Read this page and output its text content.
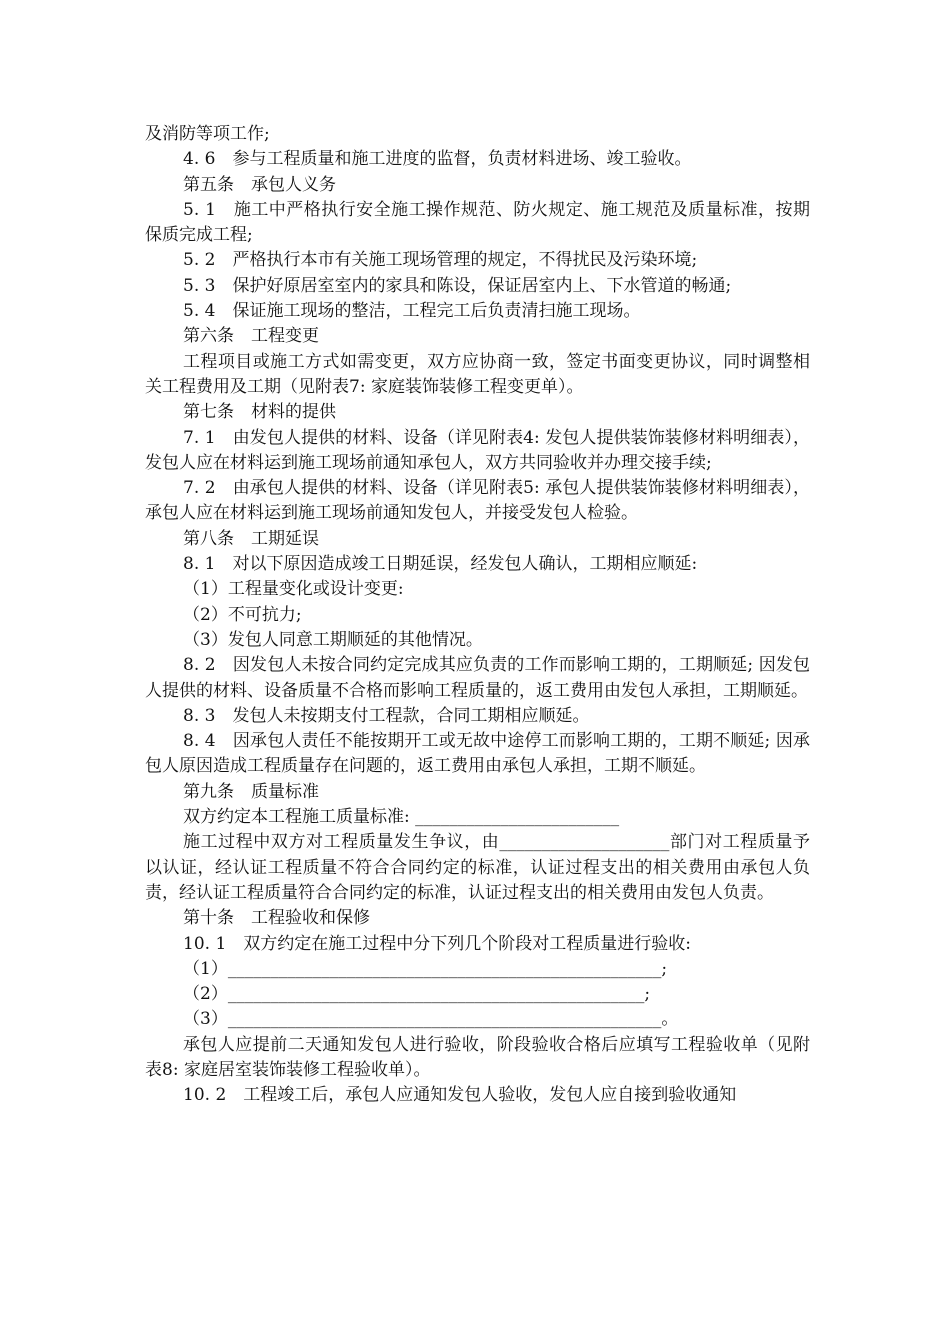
及消防等项工作;

4. 6　参与工程质量和施工进度的监督，负责材料进场、竣工验收。

第五条　承包人义务

5. 1　施工中严格执行安全施工操作规范、防火规定、施工规范及质量标准，按期保质完成工程;

5. 2　严格执行本市有关施工现场管理的规定，不得扰民及污染环境;

5. 3　保护好原居室室内的家具和陈设，保证居室内上、下水管道的畅通;

5. 4　保证施工现场的整洁，工程完工后负责清扫施工现场。

第六条　工程变更

工程项目或施工方式如需变更，双方应协商一致，签定书面变更协议，同时调整相关工程费用及工期（见附表7: 家庭装饰装修工程变更单）。

第七条　材料的提供

7. 1　由发包人提供的材料、设备（详见附表4: 发包人提供装饰装修材料明细表），发包人应在材料运到施工现场前通知承包人，双方共同验收并办理交接手续;

7. 2　由承包人提供的材料、设备（详见附表5: 承包人提供装饰装修材料明细表），承包人应在材料运到施工现场前通知发包人，并接受发包人检验。

第八条　工期延误

8. 1　对以下原因造成竣工日期延误，经发包人确认，工期相应顺延:

（1）工程量变化或设计变更:

（2）不可抗力;

（3）发包人同意工期顺延的其他情况。

8. 2　因发包人未按合同约定完成其应负责的工作而影响工期的，工期顺延; 因发包人提供的材料、设备质量不合格而影响工程质量的，返工费用由发包人承担，工期顺延。

8. 3　发包人未按期支付工程款，合同工期相应顺延。

8. 4　因承包人责任不能按期开工或无故中途停工而影响工期的，工期不顺延; 因承包人原因造成工程质量存在问题的，返工费用由承包人承担，工期不顺延。

第九条　质量标准

双方约定本工程施工质量标准: ________________________

施工过程中双方对工程质量发生争议，由____________________部门对工程质量予以认证，经认证工程质量不符合合同约定的标准，认证过程支出的相关费用由承包人负责，经认证工程质量符合合同约定的标准，认证过程支出的相关费用由发包人负责。

第十条　工程验收和保修

10. 1　双方约定在施工过程中分下列几个阶段对工程质量进行验收:

（1）___________________________________________________;

（2）_________________________________________________;

（3）___________________________________________________。

承包人应提前二天通知发包人进行验收，阶段验收合格后应填写工程验收单（见附表8: 家庭居室装饰装修工程验收单）。

10. 2　工程竣工后，承包人应通知发包人验收，发包人应自接到验收通知
